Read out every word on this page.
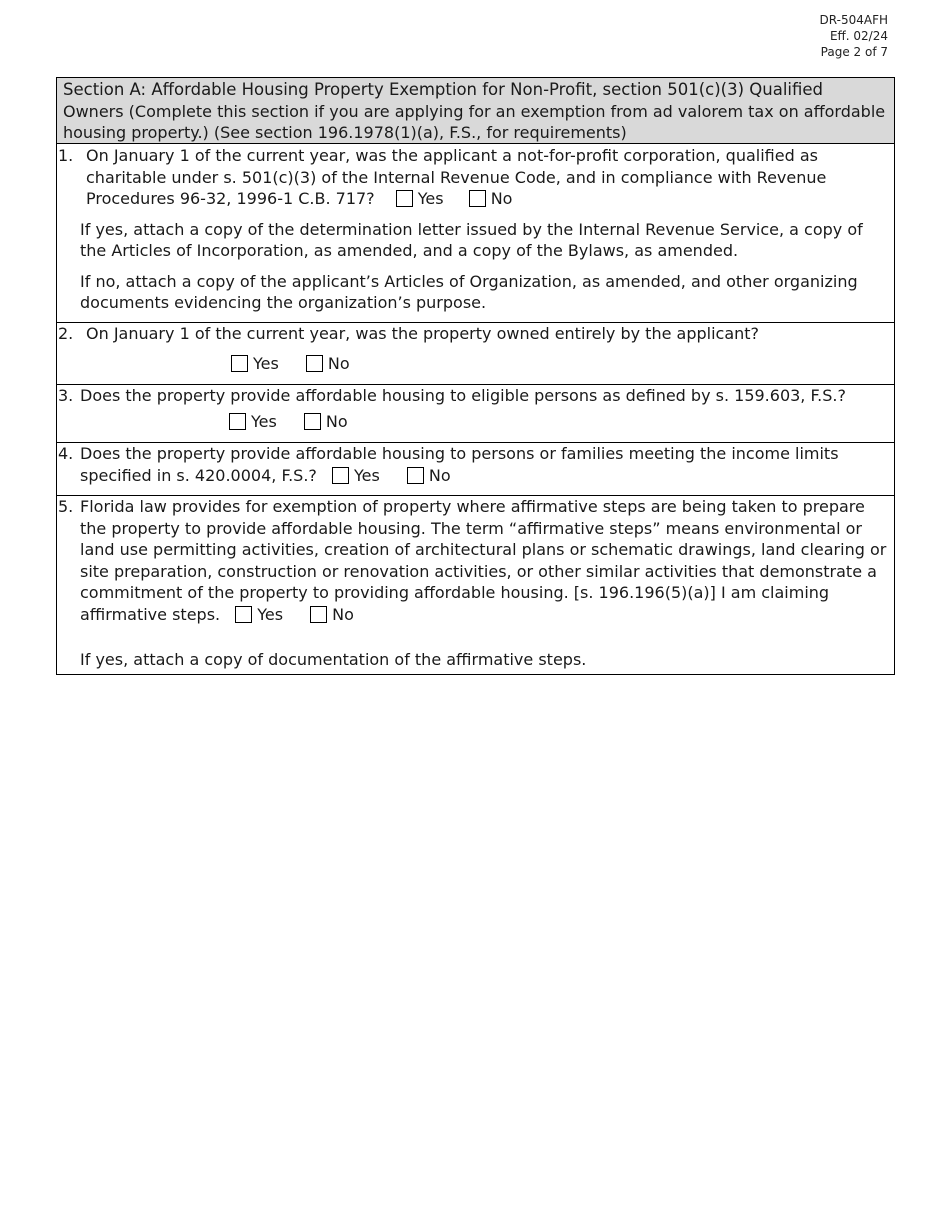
DR-504AFH
Eff. 02/24
Page 2 of 7
Section A: Affordable Housing Property Exemption for Non-Profit, section 501(c)(3) Qualified Owners (Complete this section if you are applying for an exemption from ad valorem tax on affordable housing property.) (See section 196.1978(1)(a), F.S., for requirements)
1. On January 1 of the current year, was the applicant a not-for-profit corporation, qualified as charitable under s. 501(c)(3) of the Internal Revenue Code, and in compliance with Revenue Procedures 96-32, 1996-1 C.B. 717?	Yes	No
If yes, attach a copy of the determination letter issued by the Internal Revenue Service, a copy of the Articles of Incorporation, as amended, and a copy of the Bylaws, as amended.
If no, attach a copy of the applicant’s Articles of Organization, as amended, and other organizing documents evidencing the organization’s purpose.
2. On January 1 of the current year, was the property owned entirely by the applicant?
Yes	No
3. Does the property provide affordable housing to eligible persons as defined by s. 159.603, F.S.?
Yes	No
4. Does the property provide affordable housing to persons or families meeting the income limits specified in s. 420.0004, F.S.? Yes	No
5. Florida law provides for exemption of property where affirmative steps are being taken to prepare the property to provide affordable housing. The term “affirmative steps” means environmental or land use permitting activities, creation of architectural plans or schematic drawings, land clearing or site preparation, construction or renovation activities, or other similar activities that demonstrate a commitment of the property to providing affordable housing. [s. 196.196(5)(a)] I am claiming affirmative steps. Yes	No
If yes, attach a copy of documentation of the affirmative steps.
